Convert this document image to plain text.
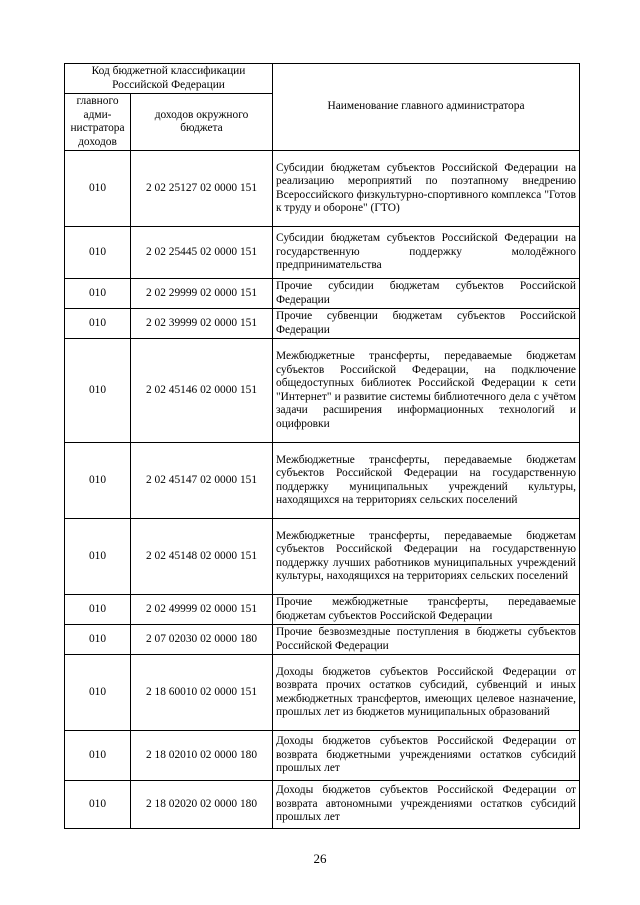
Код бюджетной классификации Российской Федерации		Наименование главного администратора
главного адми-нистратора доходов	доходов окружного бюджета	
010	2 02 25127 02 0000 151	Субсидии бюджетам субъектов Российской Федерации на реализацию мероприятий по поэтапному внедрению Всероссийского физкультурно-спортивного комплекса "Готов к труду и обороне" (ГТО)
010	2 02 25445 02 0000 151	Субсидии бюджетам субъектов Российской Федерации на государственную поддержку молодёжного предпринимательства
010	2 02 29999 02 0000 151	Прочие субсидии бюджетам субъектов Российской Федерации
010	2 02 39999 02 0000 151	Прочие субвенции бюджетам субъектов Российской Федерации
010	2 02 45146 02 0000 151	Межбюджетные трансферты, передаваемые бюджетам субъектов Российской Федерации, на подключение общедоступных библиотек Российской Федерации к сети "Интернет" и развитие системы библиотечного дела с учётом задачи расширения информационных технологий и оцифровки
010	2 02 45147 02 0000 151	Межбюджетные трансферты, передаваемые бюджетам субъектов Российской Федерации на государственную поддержку муниципальных учреждений культуры, находящихся на территориях сельских поселений
010	2 02 45148 02 0000 151	Межбюджетные трансферты, передаваемые бюджетам субъектов Российской Федерации на государственную поддержку лучших работников муниципальных учреждений культуры, находящихся на территориях сельских поселений
010	2 02 49999 02 0000 151	Прочие межбюджетные трансферты, передаваемые бюджетам субъектов Российской Федерации
010	2 07 02030 02 0000 180	Прочие безвозмездные поступления в бюджеты субъектов Российской Федерации
010	2 18 60010 02 0000 151	Доходы бюджетов субъектов Российской Федерации от возврата прочих остатков субсидий, субвенций и иных межбюджетных трансфертов, имеющих целевое назначение, прошлых лет из бюджетов муниципальных образований
010	2 18 02010 02 0000 180	Доходы бюджетов субъектов Российской Федерации от возврата бюджетными учреждениями остатков субсидий прошлых лет
010	2 18 02020 02 0000 180	Доходы бюджетов субъектов Российской Федерации от возврата автономными учреждениями остатков субсидий прошлых лет
26
